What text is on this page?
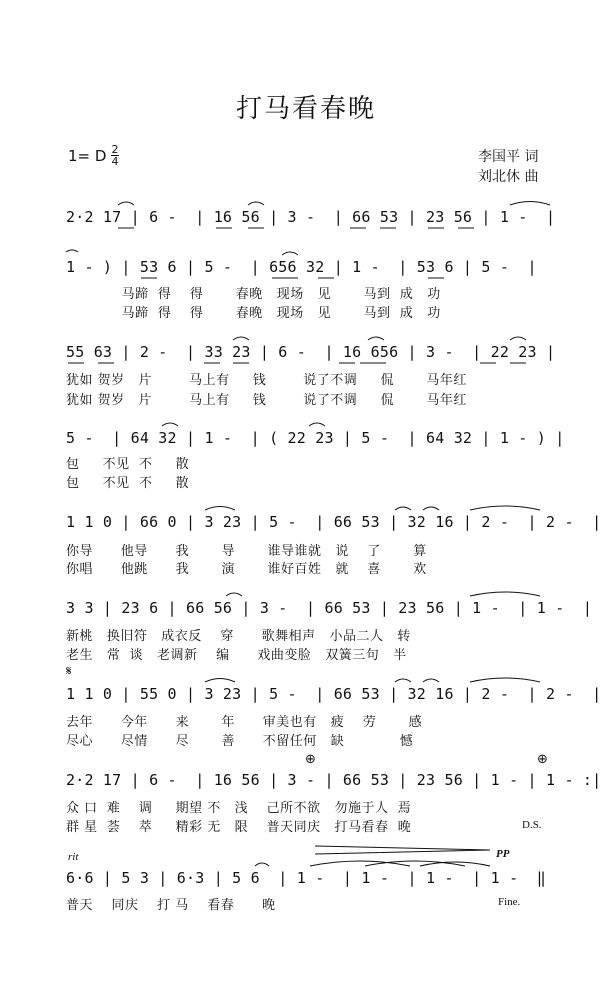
打马看春晚
1= D 2
4	李国平 词
刘北休 曲
2·2 17 | 6 -  | 16 56 | 3 -  | 66 53 | 23 56 | 1 -  |
1 - ) | 53 6 | 5 -  | 656 32 | 1 -  | 53 6 | 5 -  |
马蹄  得    得       春晚   现场   见       马到  成   功
马蹄  得    得       春晚   现场   见       马到  成   功
55 63 | 2 -  | 33 23 | 6 -  | 16 656 | 3 -  | 22 23 |
犹如 贺岁   片        马上有     钱        说了不调     侃       马年红
犹如 贺岁   片        马上有     钱        说了不调     侃       马年红
5 -  | 64 32 | 1 -  | ( 22 23 | 5 -  | 64 32 | 1 - ) |
包     不见  不     散
包     不见  不     散
1 1 0 | 66 0 | 3 23 | 5 -  | 66 53 | 32 16 | 2 -  | 2 -  |
你导      他导      我       导       谁导谁就   说    了       算
你唱      他跳      我       演       谁好百姓   就    喜       欢
3 3 | 23 6 | 66 56 | 3 -  | 66 53 | 23 56 | 1 -  | 1 -  |
新桃   换旧符   成衣反    穿      歌舞相声   小品二人   转
老生   常  谈   老调新    编      戏曲变脸   双簧三句   半
𝄋
1 1 0 | 55 0 | 3 23 | 5 -  | 66 53 | 32 16 | 2 -  | 2 -  |
去年      今年      来       年      审美也有   疲    劳       感
尽心      尽情      尽       善      不留任何   缺            憾
⊕	⊕
2·2 17 | 6 -  | 16 56 | 3 - | 66 53 | 23 56 | 1 - | 1 - :|
众 口  难    调     期望 不   浅    己所不欲   勿施于人  焉
群 星  荟    萃     精彩 无   限    普天同庆   打马看春  晚	D.S.
rit	PP
6·6 | 5 3 | 6·3 | 5 6  | 1 -  | 1 -  | 1 -  | 1 -  ‖
普天    同庆    打 马    看春      晚	Fine.
